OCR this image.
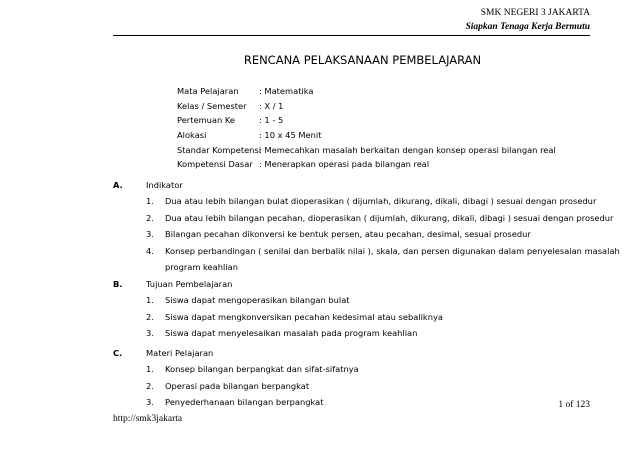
SMK NEGERI 3 JAKARTA
Siapkan Tenaga Kerja Bermutu
RENCANA PELAKSANAAN PEMBELAJARAN
Mata Pelajaran	: Matematika
Kelas / Semester	: X / 1
Pertemuan Ke	: 1 - 5
Alokasi	: 10 x 45 Menit
Standar Kompetensi
: Memecahkan masalah berkaitan dengan konsep operasi bilangan real
Kompetensi Dasar : Menerapkan operasi pada bilangan real
A.	Indikator
1.	Dua atau lebih bilangan bulat dioperasikan ( dijumlah, dikurang, dikali, dibagi ) sesuai dengan prosedur
2.	Dua atau lebih bilangan pecahan, dioperasikan ( dijumlah, dikurang, dikali, dibagi ) sesuai dengan prosedur
3.	Bilangan pecahan dikonversi ke bentuk persen, atau pecahan, desimal, sesuai prosedur
4.	Konsep perbandingan ( senilai dan berbalik nilai ), skala, dan persen digunakan dalam penyelesaian masalah
program keahlian
B.	Tujuan Pembelajaran
1.	Siswa dapat mengoperasikan bilangan bulat
2.	Siswa dapat mengkonversikan pecahan kedesimal atau sebaliknya
3.	Siswa dapat menyelesaikan masalah pada program keahlian
C.	Materi Pelajaran
1.	Konsep bilangan berpangkat dan sifat-sifatnya
2.	Operasi pada bilangan berpangkat
3.	Penyederhanaan bilangan berpangkat	1 of 123
http://smk3jakarta
